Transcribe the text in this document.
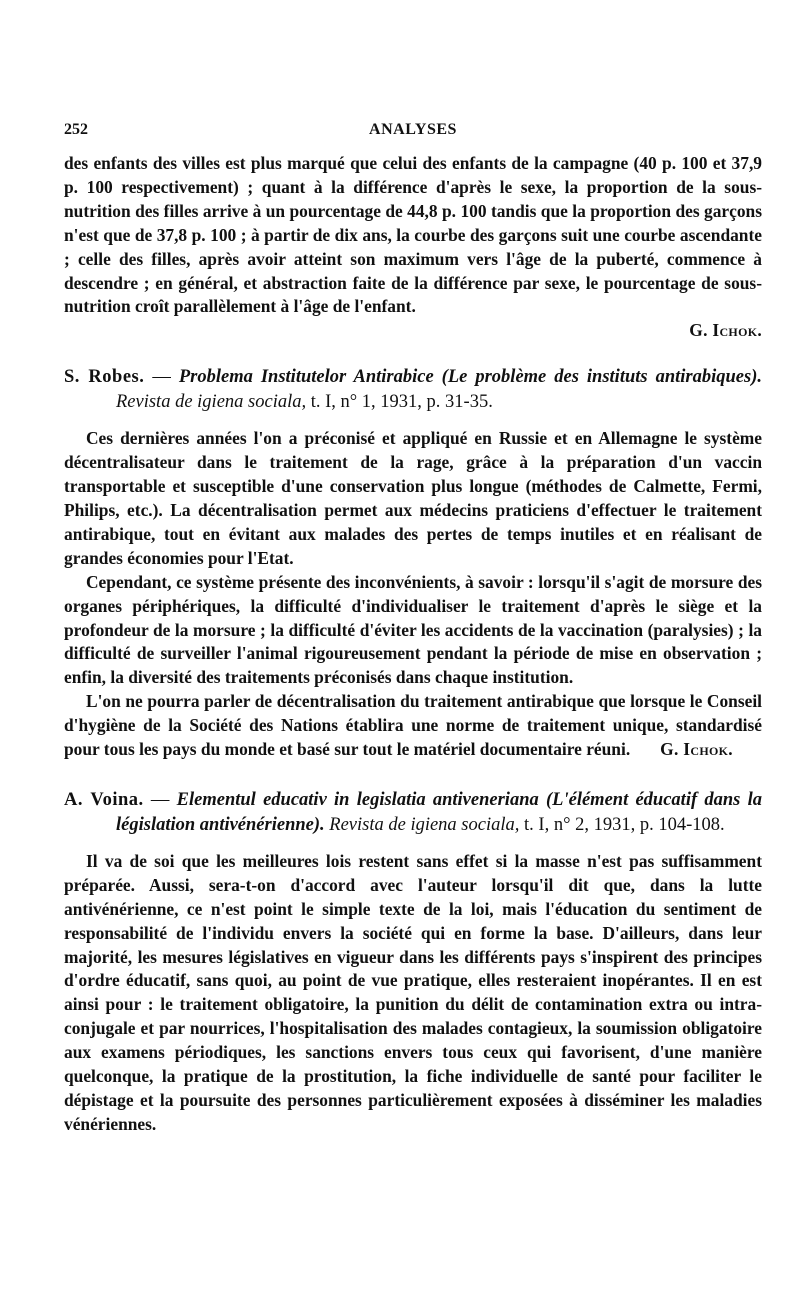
252	ANALYSES

des enfants des villes est plus marqué que celui des enfants de la campagne (40 p. 100 et 37,9 p. 100 respectivement) ; quant à la différence d'après le sexe, la proportion de la sous-nutrition des filles arrive à un pourcentage de 44,8 p. 100 tandis que la proportion des garçons n'est que de 37,8 p. 100 ; à partir de dix ans, la courbe des garçons suit une courbe ascendante ; celle des filles, après avoir atteint son maximum vers l'âge de la puberté, commence à descendre ; en général, et abstraction faite de la différence par sexe, le pourcentage de sous-nutrition croît parallèlement à l'âge de l'enfant.

G. Ichok.

S. Robes. — Problema Institutelor Antirabice (Le problème des instituts antirabiques). Revista de igiena sociala, t. I, n° 1, 1931, p. 31-35.

Ces dernières années l'on a préconisé et appliqué en Russie et en Allemagne le système décentralisateur dans le traitement de la rage, grâce à la préparation d'un vaccin transportable et susceptible d'une conservation plus longue (méthodes de Calmette, Fermi, Philips, etc.). La décentralisation permet aux médecins praticiens d'effectuer le traitement antirabique, tout en évitant aux malades des pertes de temps inutiles et en réalisant de grandes économies pour l'Etat.

Cependant, ce système présente des inconvénients, à savoir : lorsqu'il s'agit de morsure des organes périphériques, la difficulté d'individualiser le traitement d'après le siège et la profondeur de la morsure ; la difficulté d'éviter les accidents de la vaccination (paralysies) ; la difficulté de surveiller l'animal rigoureusement pendant la période de mise en observation ; enfin, la diversité des traitements préconisés dans chaque institution.

L'on ne pourra parler de décentralisation du traitement antirabique que lorsque le Conseil d'hygiène de la Société des Nations établira une norme de traitement unique, standardisé pour tous les pays du monde et basé sur tout le matériel documentaire réuni. G. Ichok.

A. Voina. — Elementul educativ in legislatia antiveneriana (L'élément éducatif dans la législation antivénérienne). Revista de igiena sociala, t. I, n° 2, 1931, p. 104-108.

Il va de soi que les meilleures lois restent sans effet si la masse n'est pas suffisamment préparée. Aussi, sera-t-on d'accord avec l'auteur lorsqu'il dit que, dans la lutte antivénérienne, ce n'est point le simple texte de la loi, mais l'éducation du sentiment de responsabilité de l'individu envers la société qui en forme la base. D'ailleurs, dans leur majorité, les mesures législatives en vigueur dans les différents pays s'inspirent des principes d'ordre éducatif, sans quoi, au point de vue pratique, elles resteraient inopérantes. Il en est ainsi pour : le traitement obligatoire, la punition du délit de contamination extra ou intra-conjugale et par nourrices, l'hospitalisation des malades contagieux, la soumission obligatoire aux examens périodiques, les sanctions envers tous ceux qui favorisent, d'une manière quelconque, la pratique de la prostitution, la fiche individuelle de santé pour faciliter le dépistage et la poursuite des personnes particulièrement exposées à disséminer les maladies vénériennes.
